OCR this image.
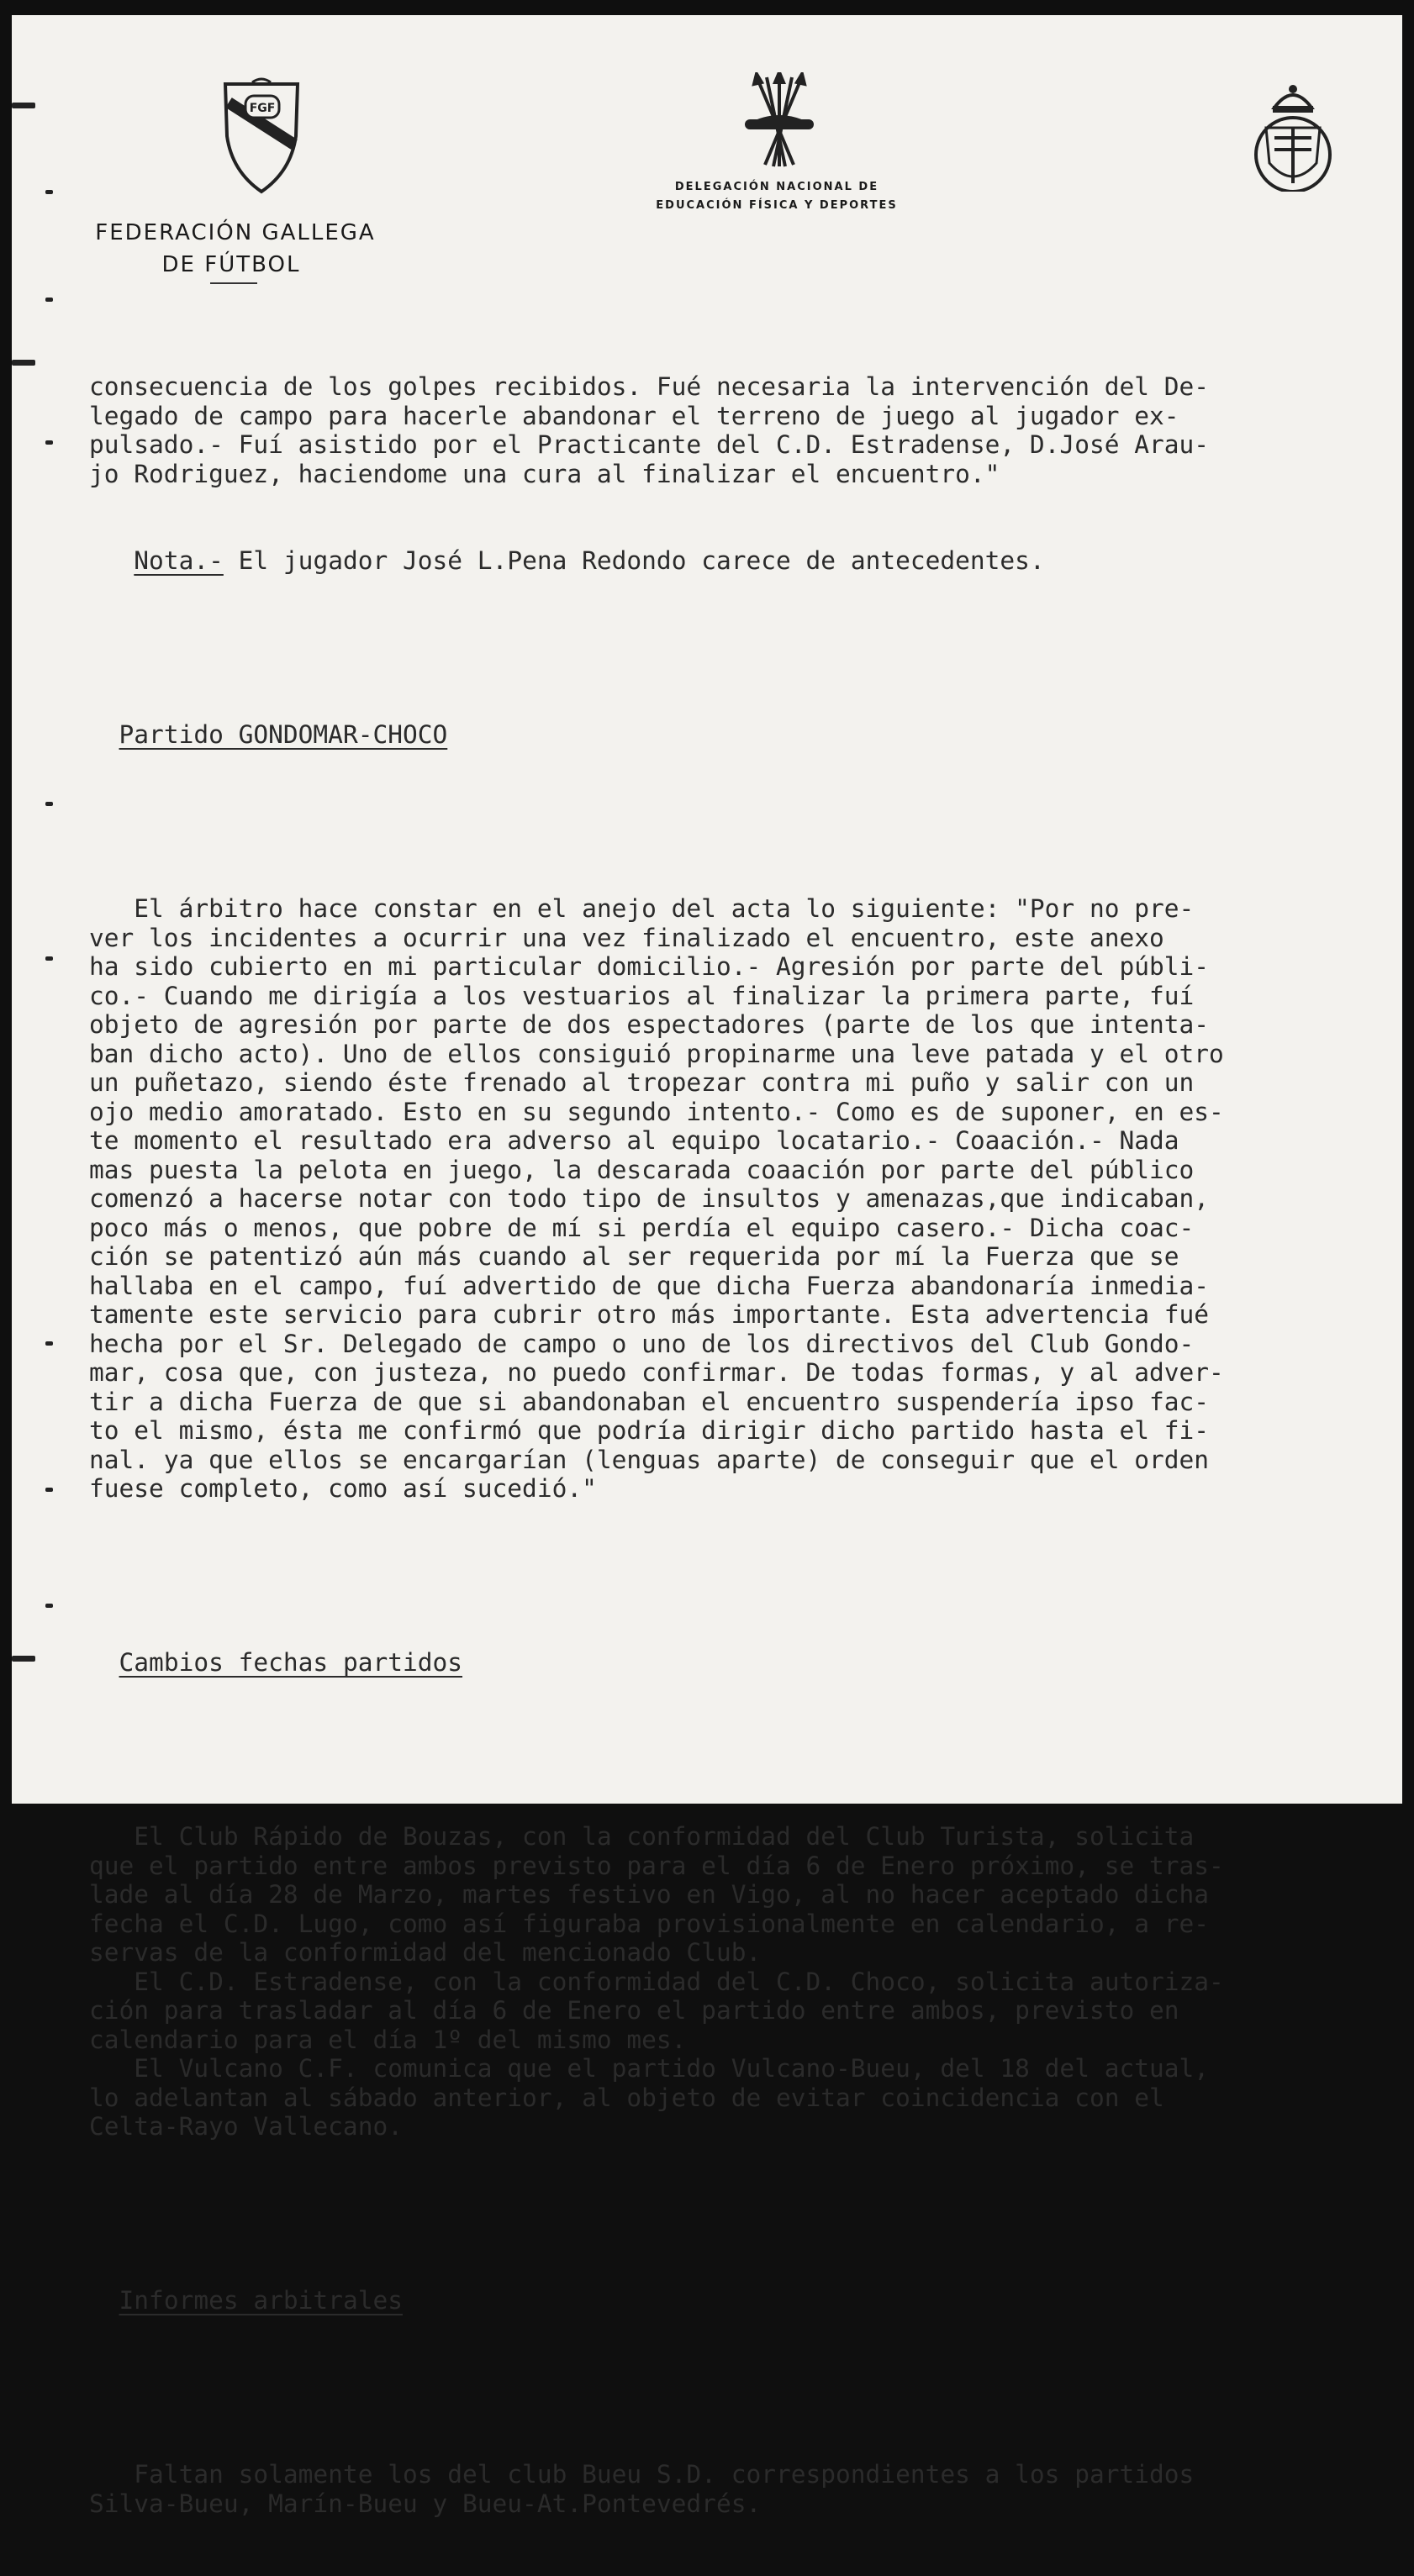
FGF
FEDERACIÓN GALLEGA

DE FÚTBOL
DELEGACIÓN NACIONAL DE
EDUCACIÓN FÍSICA Y DEPORTES

consecuencia de los golpes recibidos. Fué necesaria la intervención del De-
legado de campo para hacerle abandonar el terreno de juego al jugador ex-
pulsado.- Fuí asistido por el Practicante del C.D. Estradense, D.José Arau-
jo Rodriguez, haciendome una cura al finalizar el encuentro."

Nota.- El jugador José L.Pena Redondo carece de antecedentes.

Partido GONDOMAR-CHOCO

El árbitro hace constar en el anejo del acta lo siguiente: "Por no pre-
ver los incidentes a ocurrir una vez finalizado el encuentro, este anexo
ha sido cubierto en mi particular domicilio.- Agresión por parte del públi-
co.- Cuando me dirigía a los vestuarios al finalizar la primera parte, fuí
objeto de agresión por parte de dos espectadores (parte de los que intenta-
ban dicho acto). Uno de ellos consiguió propinarme una leve patada y el otro
un puñetazo, siendo éste frenado al tropezar contra mi puño y salir con un
ojo medio amoratado. Esto en su segundo intento.- Como es de suponer, en es-
te momento el resultado era adverso al equipo locatario.- Coaación.- Nada
mas puesta la pelota en juego, la descarada coaación por parte del público
comenzó a hacerse notar con todo tipo de insultos y amenazas,que indicaban,
poco más o menos, que pobre de mí si perdía el equipo casero.- Dicha coac-
ción se patentizó aún más cuando al ser requerida por mí la Fuerza que se
hallaba en el campo, fuí advertido de que dicha Fuerza abandonaría inmedia-
tamente este servicio para cubrir otro más importante. Esta advertencia fué
hecha por el Sr. Delegado de campo o uno de los directivos del Club Gondo-
mar, cosa que, con justeza, no puedo confirmar. De todas formas, y al adver-
tir a dicha Fuerza de que si abandonaban el encuentro suspendería ipso fac-
to el mismo, ésta me confirmó que podría dirigir dicho partido hasta el fi-
nal. ya que ellos se encargarían (lenguas aparte) de conseguir que el orden
fuese completo, como así sucedió."

Cambios fechas partidos

El Club Rápido de Bouzas, con la conformidad del Club Turista, solicita
que el partido entre ambos previsto para el día 6 de Enero próximo, se tras-
lade al día 28 de Marzo, martes festivo en Vigo, al no hacer aceptado dicha
fecha el C.D. Lugo, como así figuraba provisionalmente en calendario, a re-
servas de la conformidad del mencionado Club.
El C.D. Estradense, con la conformidad del C.D. Choco, solicita autoriza-
ción para trasladar al día 6 de Enero el partido entre ambos, previsto en
calendario para el día 1º del mismo mes.
El Vulcano C.F. comunica que el partido Vulcano-Bueu, del 18 del actual,
lo adelantan al sábado anterior, al objeto de evitar coincidencia con el
Celta-Rayo Vallecano.

Informes arbitrales

Faltan solamente los del club Bueu S.D. correspondientes a los partidos
Silva-Bueu, Marín-Bueu y Bueu-At.Pontevedrés.
